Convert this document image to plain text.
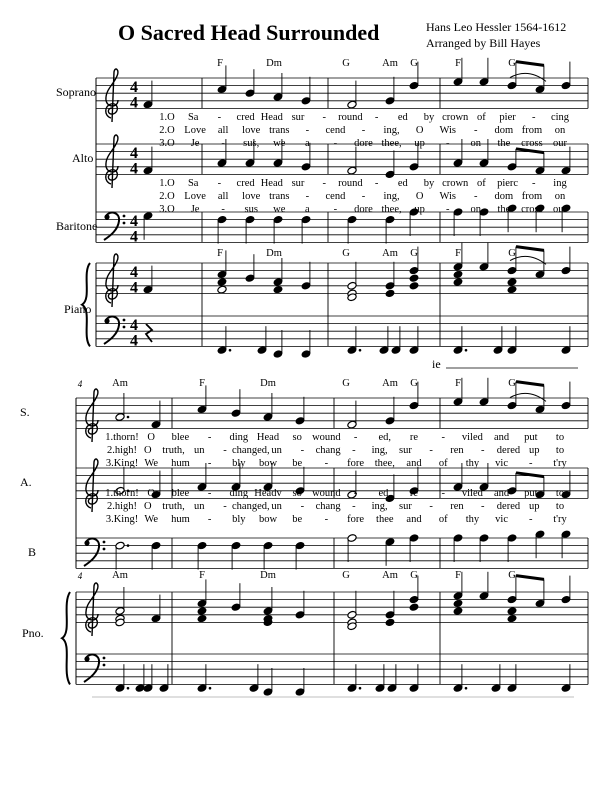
O Sacred Head Surrounded	Hans Leo Hessler 1564-1612
Arranged by Bill Hayes
Soprano
Alto
Baritone
Piano
4
4
4
4
4
4
4
4
4
4
F
F
Dm
Dm
G
G
Am
Am
G
G
F
F
G
G
1.O Sa - cred Head sur - round - ed by crown of pier - cing
2.O Love all love trans - cend - ing, O Wis - dom from on
3.O Je - sus, we a - dore thee, up - on the cross our
1.O Sa - cred Head sur - round - ed by crown of pierc - ing
2.O Love all love trans - cend - ing, O Wis - dom from on
3.O Je - sus we a - dore thee, up - on the cross our
ie
S.
A.
B
Pno.
4
4
Am
Am
F
F
Dm
Dm
G
G
Am
Am
G
G
F
F
G
G
1.thorn! O blee - ding Head so wound - ed, re - viled and put to
2.high! O truth, un - changed, un - chang - ing, sur - ren - dered up to
3.King! We hum - bly bow be - fore thee, and of thy vic - t'ry
1.thorn! O blee - ding Headv so wound - ed, re - viled and put to
2.high! O truth, un - changed, un - chang - ing, sur - ren - dered up to
3.King! We hum - bly bow be - fore thee and of thy vic - t'ry
